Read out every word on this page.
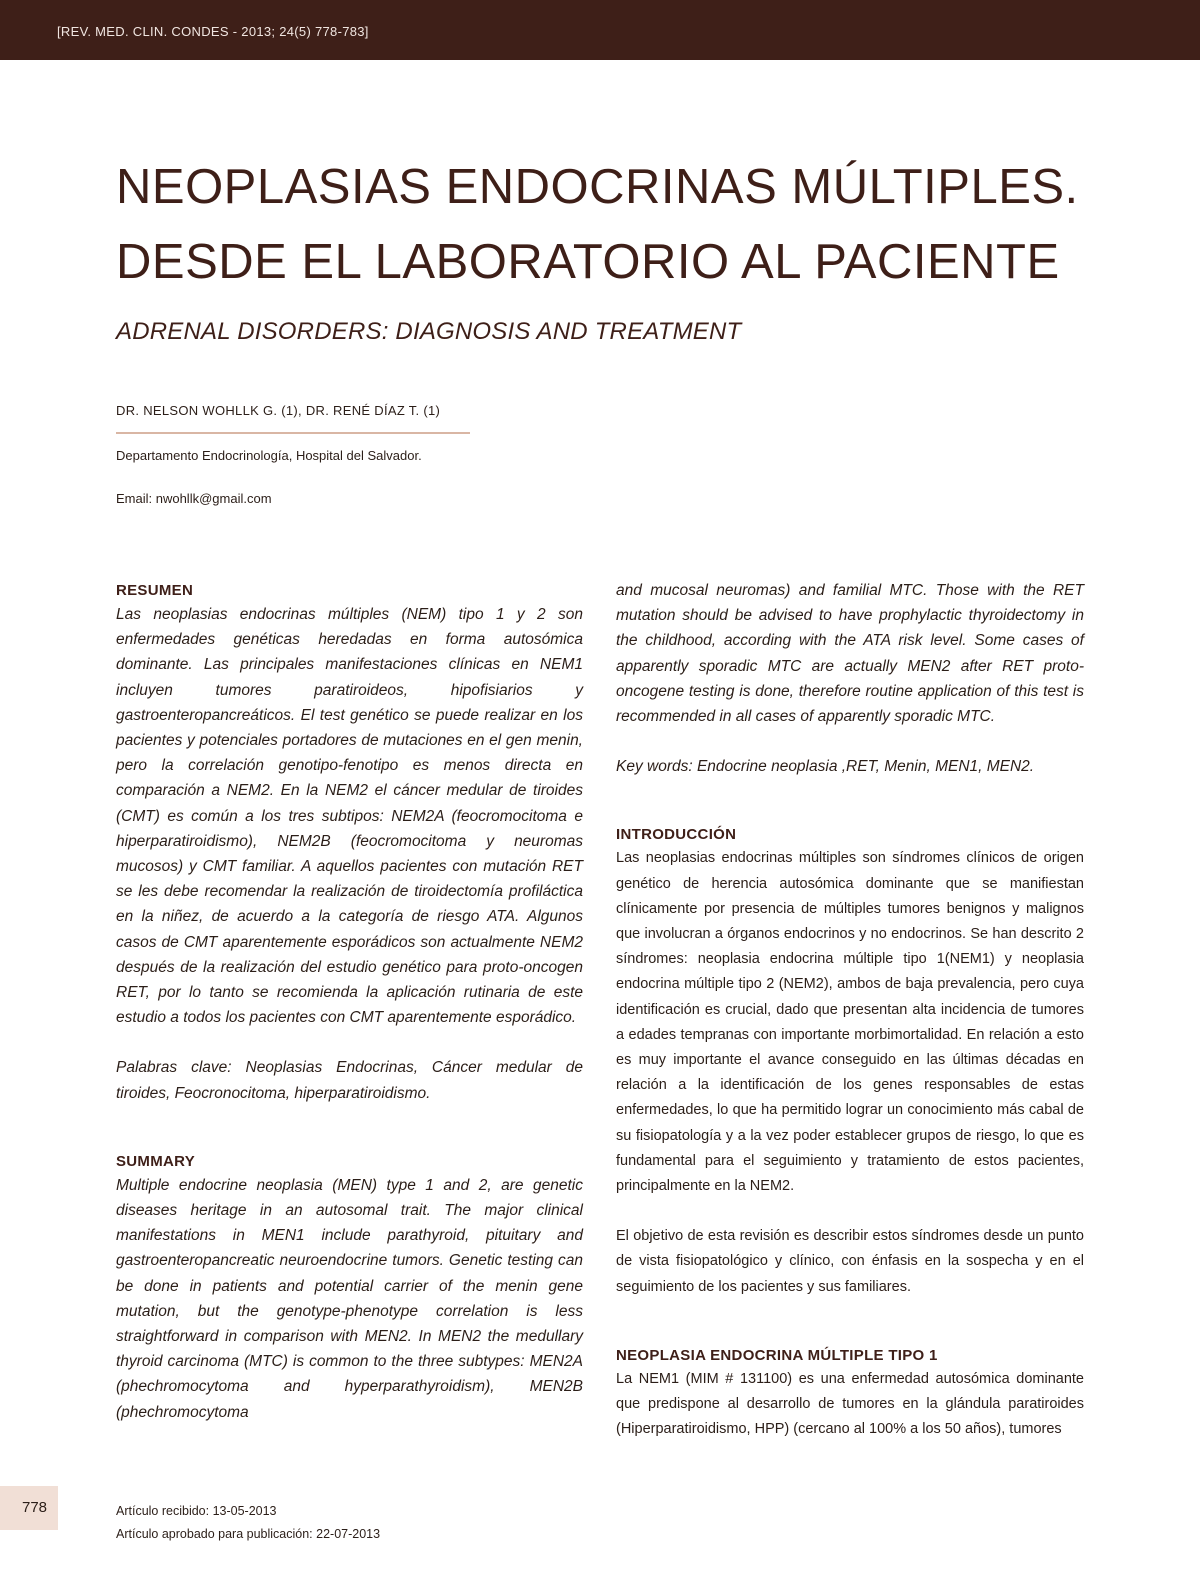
[REV. MED. CLIN. CONDES - 2013; 24(5) 778-783]
NEOPLASIAS ENDOCRINAS MÚLTIPLES.
DESDE EL LABORATORIO AL PACIENTE
ADRENAL DISORDERS: DIAGNOSIS AND TREATMENT
DR. NELSON WOHLLK G. (1), DR. RENÉ DÍAZ T. (1)
Departamento Endocrinología, Hospital del Salvador.
Email: nwohllk@gmail.com
RESUMEN

Las neoplasias endocrinas múltiples (NEM) tipo 1 y 2 son enfermedades genéticas heredadas en forma autosómica dominante. Las principales manifestaciones clínicas en NEM1 incluyen tumores paratiroideos, hipofisiarios y gastroenteropancreáticos. El test genético se puede realizar en los pacientes y potenciales portadores de mutaciones en el gen menin, pero la correlación genotipo-fenotipo es menos directa en comparación a NEM2. En la NEM2 el cáncer medular de tiroides (CMT) es común a los tres subtipos: NEM2A (feocromocitoma e hiperparatiroidismo), NEM2B (feocromocitoma y neuromas mucosos) y CMT familiar. A aquellos pacientes con mutación RET se les debe recomendar la realización de tiroidectomía profiláctica en la niñez, de acuerdo a la categoría de riesgo ATA. Algunos casos de CMT aparentemente esporádicos son actualmente NEM2 después de la realización del estudio genético para proto-oncogen RET, por lo tanto se recomienda la aplicación rutinaria de este estudio a todos los pacientes con CMT aparentemente esporádico.

Palabras clave: Neoplasias Endocrinas, Cáncer medular de tiroides, Feocronocitoma, hiperparatiroidismo.

SUMMARY

Multiple endocrine neoplasia (MEN) type 1 and 2, are genetic diseases heritage in an autosomal trait. The major clinical manifestations in MEN1 include parathyroid, pituitary and gastroenteropancreatic neuroendocrine tumors. Genetic testing can be done in patients and potential carrier of the menin gene mutation, but the genotype-phenotype correlation is less straightforward in comparison with MEN2. In MEN2 the medullary thyroid carcinoma (MTC) is common to the three subtypes: MEN2A (phechromocytoma and hyperparathyroidism), MEN2B (phechromocytoma

and mucosal neuromas) and familial MTC. Those with the RET mutation should be advised to have prophylactic thyroidectomy in the childhood, according with the ATA risk level. Some cases of apparently sporadic MTC are actually MEN2 after RET proto-oncogene testing is done, therefore routine application of this test is recommended in all cases of apparently sporadic MTC.

Key words: Endocrine neoplasia ,RET, Menin, MEN1, MEN2.

INTRODUCCIÓN

Las neoplasias endocrinas múltiples son síndromes clínicos de origen genético de herencia autosómica dominante que se manifiestan clínicamente por presencia de múltiples tumores benignos y malignos que involucran a órganos endocrinos y no endocrinos. Se han descrito 2 síndromes: neoplasia endocrina múltiple tipo 1(NEM1) y neoplasia endocrina múltiple tipo 2 (NEM2), ambos de baja prevalencia, pero cuya identificación es crucial, dado que presentan alta incidencia de tumores a edades tempranas con importante morbimortalidad. En relación a esto es muy importante el avance conseguido en las últimas décadas en relación a la identificación de los genes responsables de estas enfermedades, lo que ha permitido lograr un conocimiento más cabal de su fisiopatología y a la vez poder establecer grupos de riesgo, lo que es fundamental para el seguimiento y tratamiento de estos pacientes, principalmente en la NEM2.

El objetivo de esta revisión es describir estos síndromes desde un punto de vista fisiopatológico y clínico, con énfasis en la sospecha y en el seguimiento de los pacientes y sus familiares.

NEOPLASIA ENDOCRINA MÚLTIPLE TIPO 1

La NEM1 (MIM # 131100) es una enfermedad autosómica dominante que predispone al desarrollo de tumores en la glándula paratiroides (Hiperparatiroidismo, HPP) (cercano al 100% a los 50 años), tumores

778	Artículo recibido: 13-05-2013
Artículo aprobado para publicación: 22-07-2013
